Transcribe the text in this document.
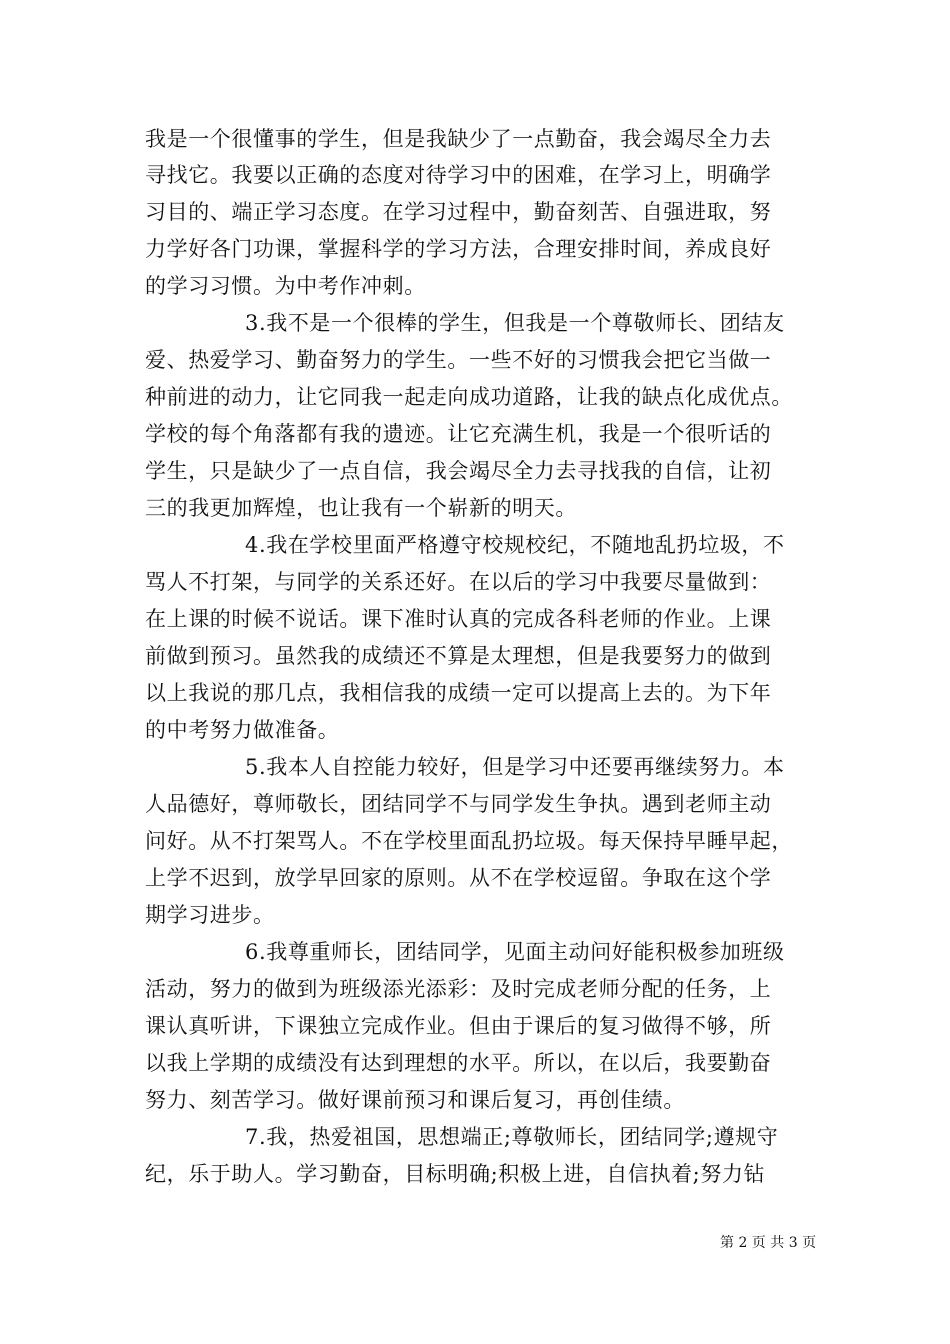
我是一个很懂事的学生，但是我缺少了一点勤奋，我会竭尽全力去
寻找它。我要以正确的态度对待学习中的困难，在学习上，明确学
习目的、端正学习态度。在学习过程中，勤奋刻苦、自强进取，努
力学好各门功课，掌握科学的学习方法，合理安排时间，养成良好
的学习习惯。为中考作冲刺。
3.我不是一个很棒的学生，但我是一个尊敬师长、团结友
爱、热爱学习、勤奋努力的学生。一些不好的习惯我会把它当做一
种前进的动力，让它同我一起走向成功道路，让我的缺点化成优点。
学校的每个角落都有我的遗迹。让它充满生机，我是一个很听话的
学生，只是缺少了一点自信，我会竭尽全力去寻找我的自信，让初
三的我更加辉煌，也让我有一个崭新的明天。
4.我在学校里面严格遵守校规校纪，不随地乱扔垃圾，不
骂人不打架，与同学的关系还好。在以后的学习中我要尽量做到：
在上课的时候不说话。课下准时认真的完成各科老师的作业。上课
前做到预习。虽然我的成绩还不算是太理想，但是我要努力的做到
以上我说的那几点，我相信我的成绩一定可以提高上去的。为下年
的中考努力做准备。
5.我本人自控能力较好，但是学习中还要再继续努力。本
人品德好，尊师敬长，团结同学不与同学发生争执。遇到老师主动
问好。从不打架骂人。不在学校里面乱扔垃圾。每天保持早睡早起，
上学不迟到，放学早回家的原则。从不在学校逗留。争取在这个学
期学习进步。
6.我尊重师长，团结同学，见面主动问好能积极参加班级
活动，努力的做到为班级添光添彩：及时完成老师分配的任务，上
课认真听讲，下课独立完成作业。但由于课后的复习做得不够，所
以我上学期的成绩没有达到理想的水平。所以，在以后，我要勤奋
努力、刻苦学习。做好课前预习和课后复习，再创佳绩。
7.我，热爱祖国，思想端正;尊敬师长，团结同学;遵规守
纪，乐于助人。学习勤奋，目标明确;积极上进，自信执着;努力钻
第 2 页 共 3 页
